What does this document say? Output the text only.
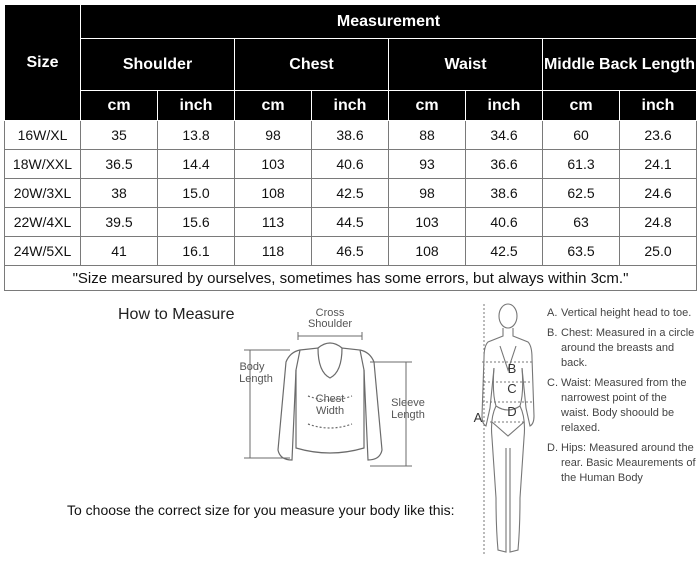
Size	Measurement							
	Shoulder		Chest		Waist		Middle Back Length	
	cm	inch	cm	inch	cm	inch	cm	inch
16W/XL	35	13.8	98	38.6	88	34.6	60	23.6
18W/XXL	36.5	14.4	103	40.6	93	36.6	61.3	24.1
20W/3XL	38	15.0	108	42.5	98	38.6	62.5	24.6
22W/4XL	39.5	15.6	113	44.5	103	40.6	63	24.8
24W/5XL	41	16.1	118	46.5	108	42.5	63.5	25.0
"Size mearsured by ourselves, sometimes has some errors, but always within 3cm."								
How to Measure	Cross
Shoulder
Body
Length
Chest
Width
Sleeve
Length
B
C
D
A
A. Vertical height head to toe.
B. Chest: Measured in a circle around the breasts and back.
C. Waist: Measured from the narrowest point of the waist. Body shoould be relaxed.
D. Hips: Measured around the rear. Basic Meaurements of the Human Body
To choose the correct size for you measure your body like this:
